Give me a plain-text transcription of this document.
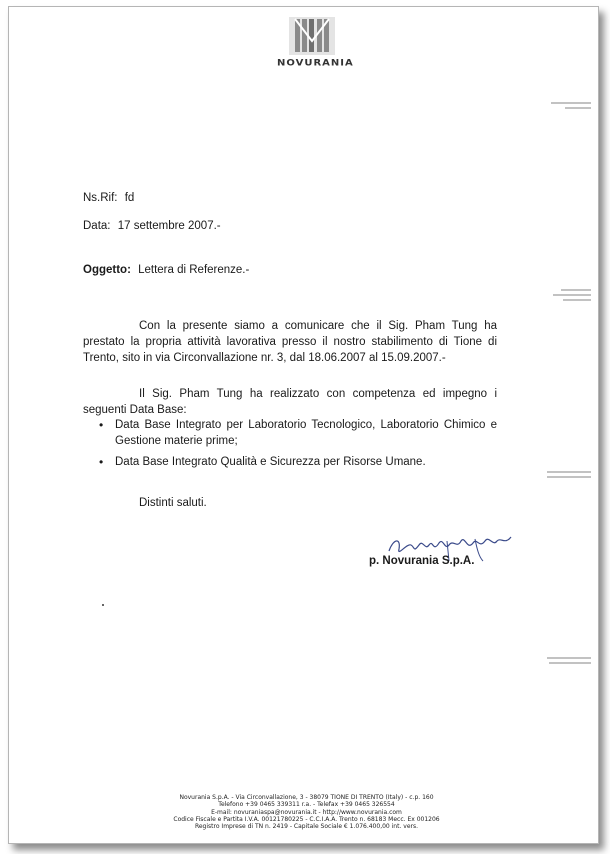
NOVURANIA
Ns.Rif: fd
Data: 17 settembre 2007.-
Oggetto: Lettera di Referenze.-
Con la presente siamo a comunicare che il Sig. Pham Tung ha prestato la propria attività lavorativa presso il nostro stabilimento di Tione di Trento, sito in via Circonvallazione nr. 3, dal 18.06.2007 al 15.09.2007.-
Il Sig. Pham Tung ha realizzato con competenza ed impegno i seguenti Data Base:
• Data Base Integrato per Laboratorio Tecnologico, Laboratorio Chimico e Gestione materie prime;
• Data Base Integrato Qualità e Sicurezza per Risorse Umane.
Distinti saluti.
p. Novurania S.p.A.
Novurania S.p.A. - Via Circonvallazione, 3 - 38079 TIONE DI TRENTO (Italy) - c.p. 160
Telefono +39 0465 339311 r.a. - Telefax +39 0465 326554
E-mail: novuraniaspa@novurania.it - http://www.novurania.com
Codice Fiscale e Partita I.V.A. 00121780225 - C.C.I.A.A. Trento n. 68183 Mecc. Ex 001206
Registro Imprese di TN n. 2419 - Capitale Sociale € 1.076.400,00 int. vers.
